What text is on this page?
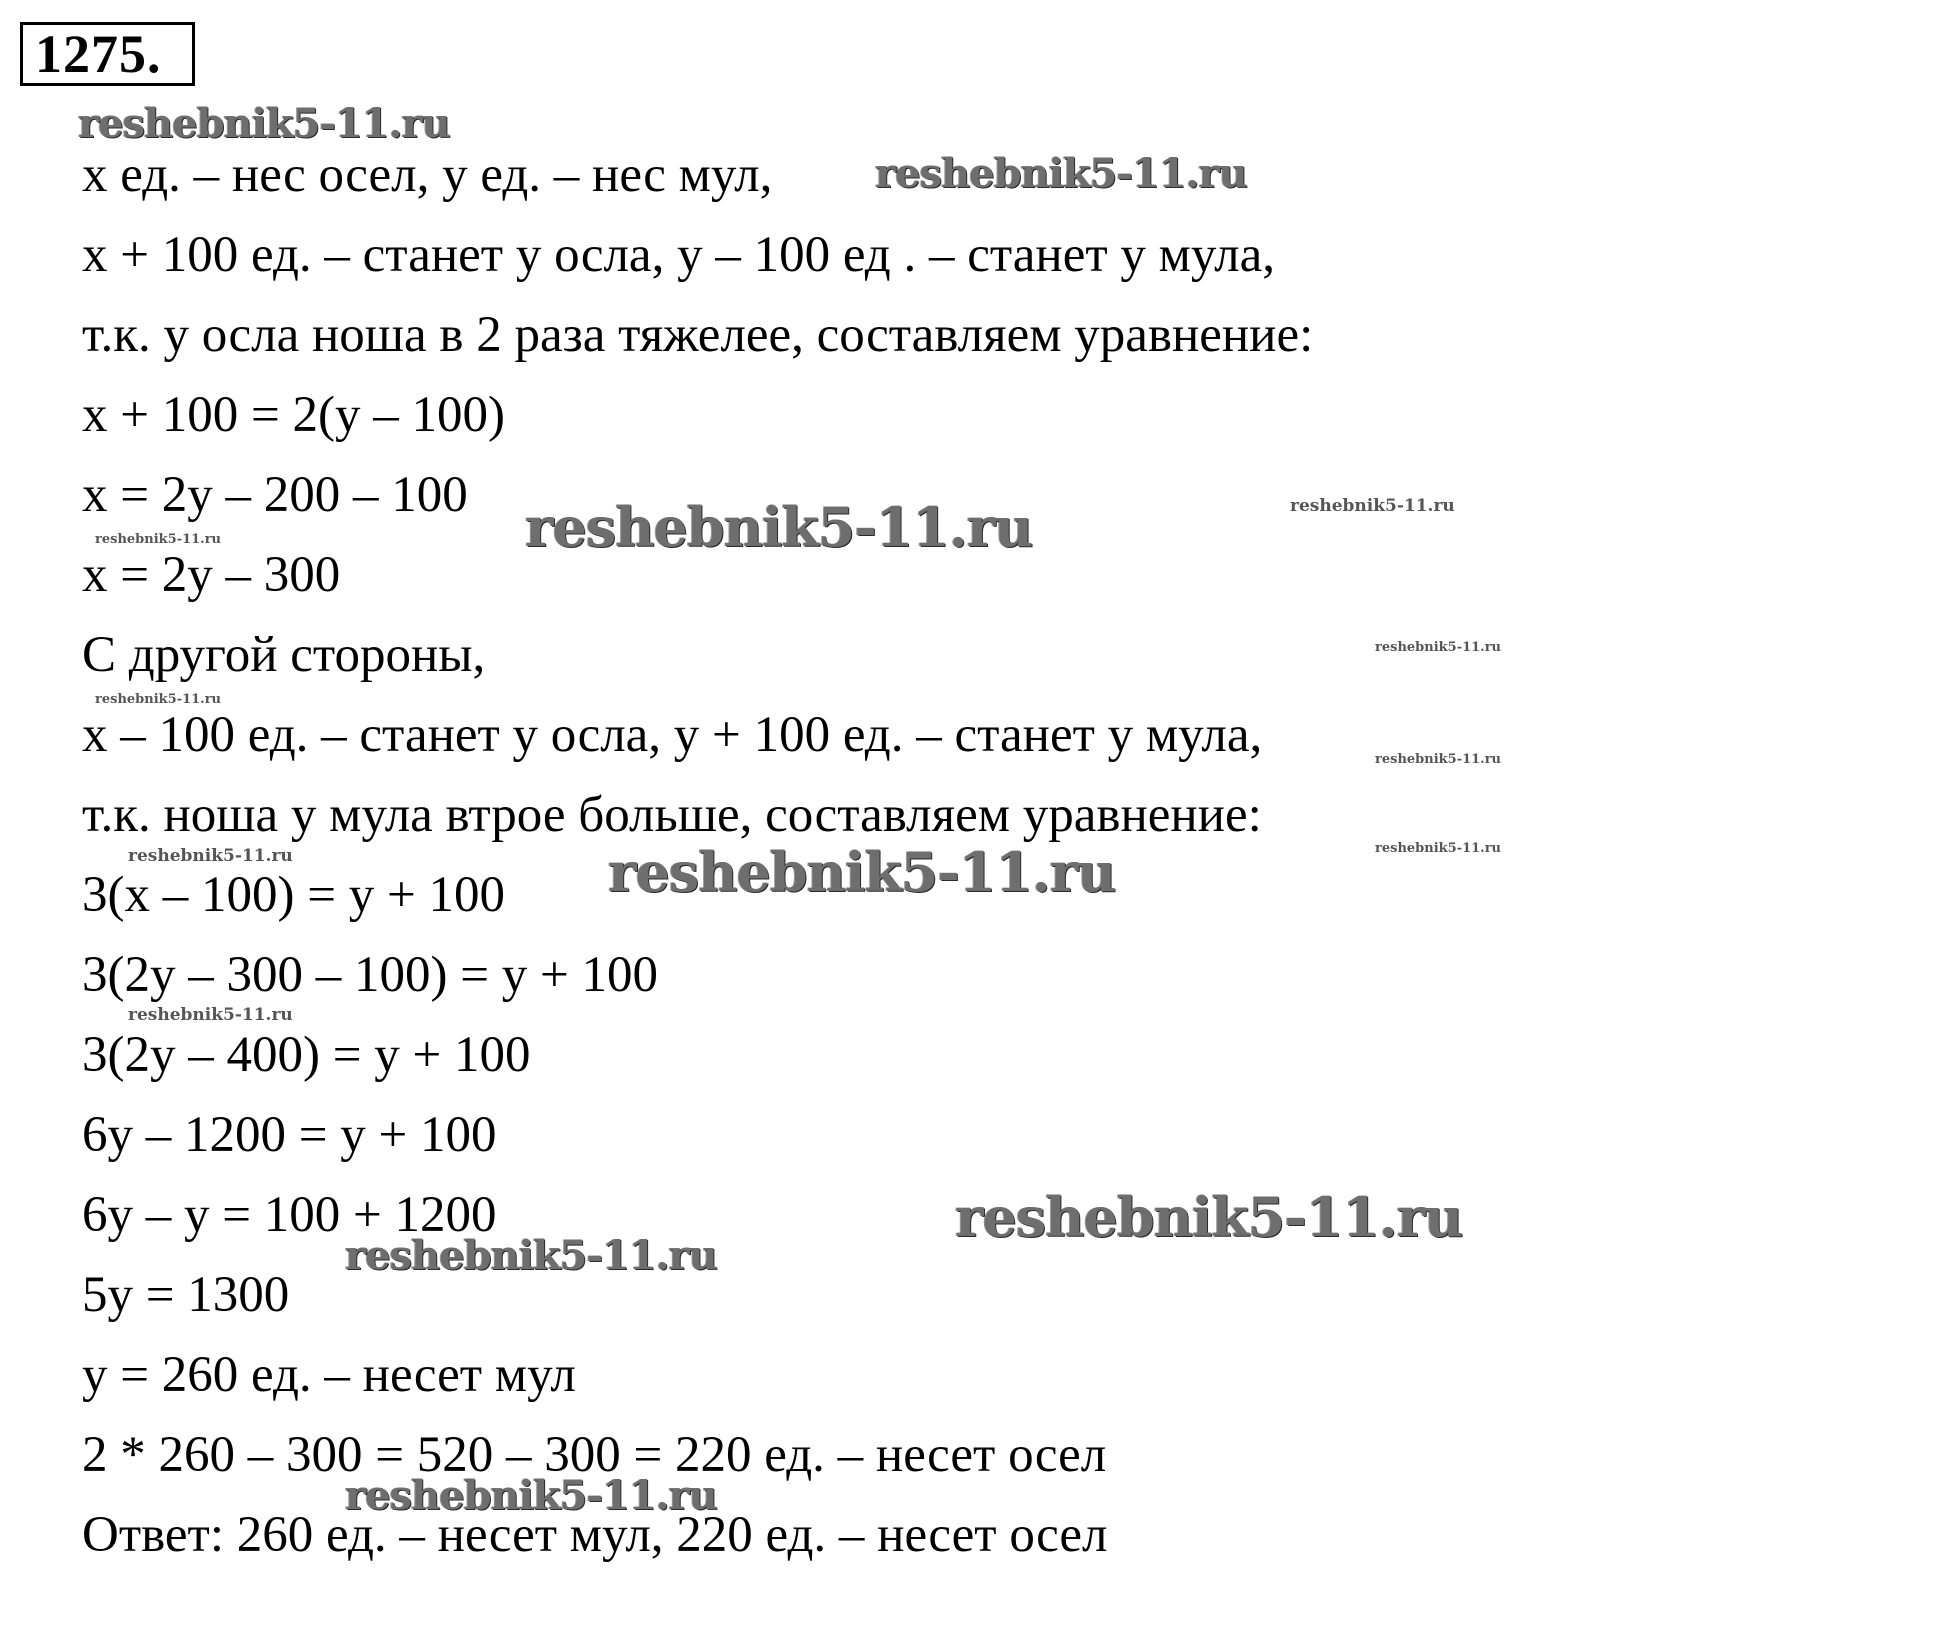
1275.
x ед. – нес осел, у ед. – нес мул,
x + 100 ед. – станет у осла, y – 100 ед . – станет у мула,
т.к. у осла ноша в 2 раза тяжелее, составляем уравнение:
x + 100 = 2(y – 100)
x = 2y – 200 – 100
x = 2y – 300
С другой стороны,
x – 100 ед. – станет у осла, у + 100 ед. – станет у мула,
т.к. ноша у мула втрое больше, составляем уравнение:
3(x – 100) = y + 100
3(2y – 300 – 100) = y + 100
3(2y – 400) = y + 100
6y – 1200 = y + 100
6y – y = 100 + 1200
5y = 1300
y = 260 ед. – несет мул
2 * 260 – 300 = 520 – 300 = 220 ед. – несет осел
Ответ: 260 ед. – несет мул, 220 ед. – несет осел
reshebnik5-11.ru
reshebnik5-11.ru
reshebnik5-11.ru	reshebnik5-11.ru
reshebnik5-11.ru
reshebnik5-11.ru
reshebnik5-11.ru
reshebnik5-11.ru
reshebnik5-11.ru	reshebnik5-11.ru	reshebnik5-11.ru
reshebnik5-11.ru
reshebnik5-11.ru
reshebnik5-11.ru
reshebnik5-11.ru
